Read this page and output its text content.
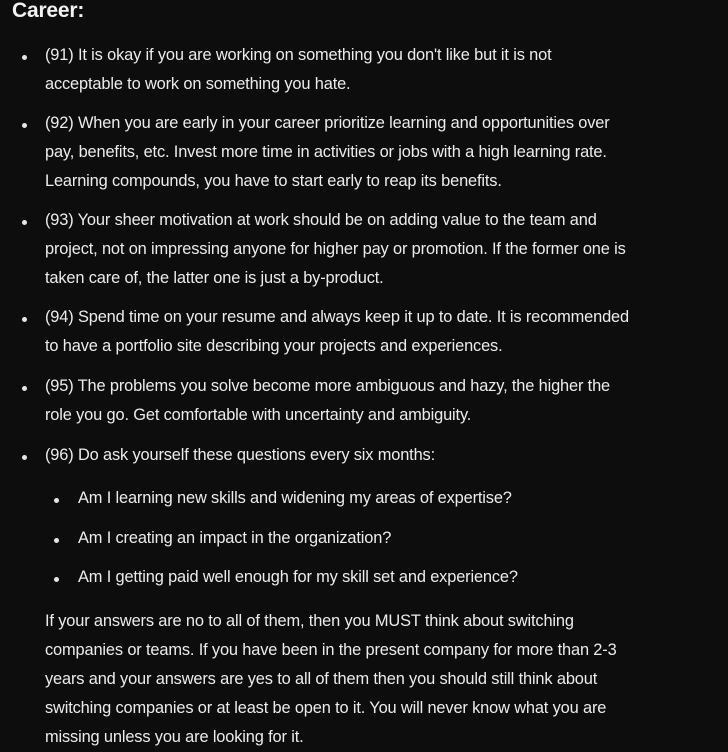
Career:
(91) It is okay if you are working on something you don't like but it is not
acceptable to work on something you hate.
(92) When you are early in your career prioritize learning and opportunities over
pay, benefits, etc. Invest more time in activities or jobs with a high learning rate.
Learning compounds, you have to start early to reap its benefits.
(93) Your sheer motivation at work should be on adding value to the team and
project, not on impressing anyone for higher pay or promotion. If the former one is
taken care of, the latter one is just a by-product.
(94) Spend time on your resume and always keep it up to date. It is recommended
to have a portfolio site describing your projects and experiences.
(95) The problems you solve become more ambiguous and hazy, the higher the
role you go. Get comfortable with uncertainty and ambiguity.
(96) Do ask yourself these questions every six months:
Am I learning new skills and widening my areas of expertise?
Am I creating an impact in the organization?
Am I getting paid well enough for my skill set and experience?
If your answers are no to all of them, then you MUST think about switching
companies or teams. If you have been in the present company for more than 2-3
years and your answers are yes to all of them then you should still think about
switching companies or at least be open to it. You will never know what you are
missing unless you are looking for it.
